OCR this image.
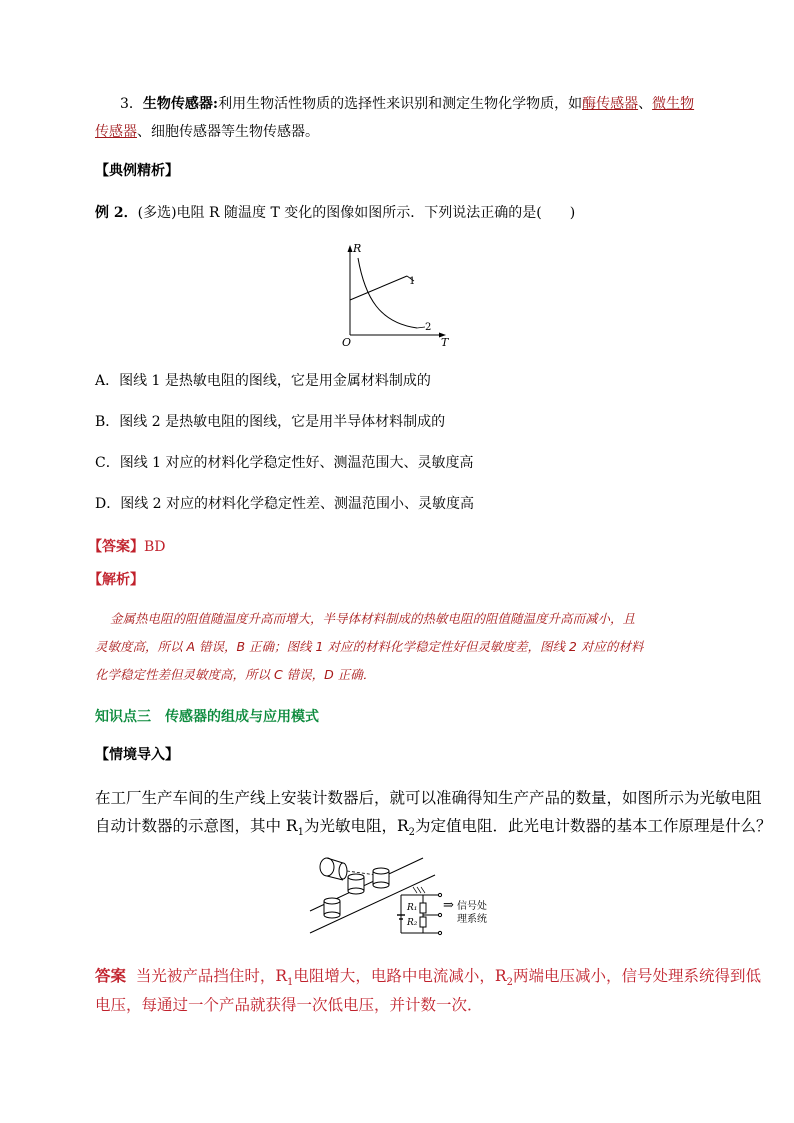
3．生物传感器:利用生物活性物质的选择性来识别和测定生物化学物质，如酶传感器、微生物
传感器、细胞传感器等生物传感器。
【典例精析】
例 2．(多选)电阻 R 随温度 T 变化的图像如图所示．下列说法正确的是(　　)
R
T
O
1
2
A．图线 1 是热敏电阻的图线，它是用金属材料制成的
B．图线 2 是热敏电阻的图线，它是用半导体材料制成的
C．图线 1 对应的材料化学稳定性好、测温范围大、灵敏度高
D．图线 2 对应的材料化学稳定性差、测温范围小、灵敏度高
【答案】BD
【解析】
金属热电阻的阻值随温度升高而增大，半导体材料制成的热敏电阻的阻值随温度升高而减小，且
灵敏度高，所以 A 错误，B 正确；图线 1 对应的材料化学稳定性好但灵敏度差，图线 2 对应的材料
化学稳定性差但灵敏度高，所以 C 错误，D 正确．
知识点三　传感器的组成与应用模式
【情境导入】
在工厂生产车间的生产线上安装计数器后，就可以准确得知生产产品的数量，如图所示为光敏电阻
自动计数器的示意图，其中 $R_1$为光敏电阻，$R_2$为定值电阻．此光电计数器的基本工作原理是什么？
R₁
R₂
⇒ 信号处
理系统
答案 当光被产品挡住时，$R_1$电阻增大，电路中电流减小，$R_2$两端电压减小，信号处理系统得到低
电压，每通过一个产品就获得一次低电压，并计数一次．
